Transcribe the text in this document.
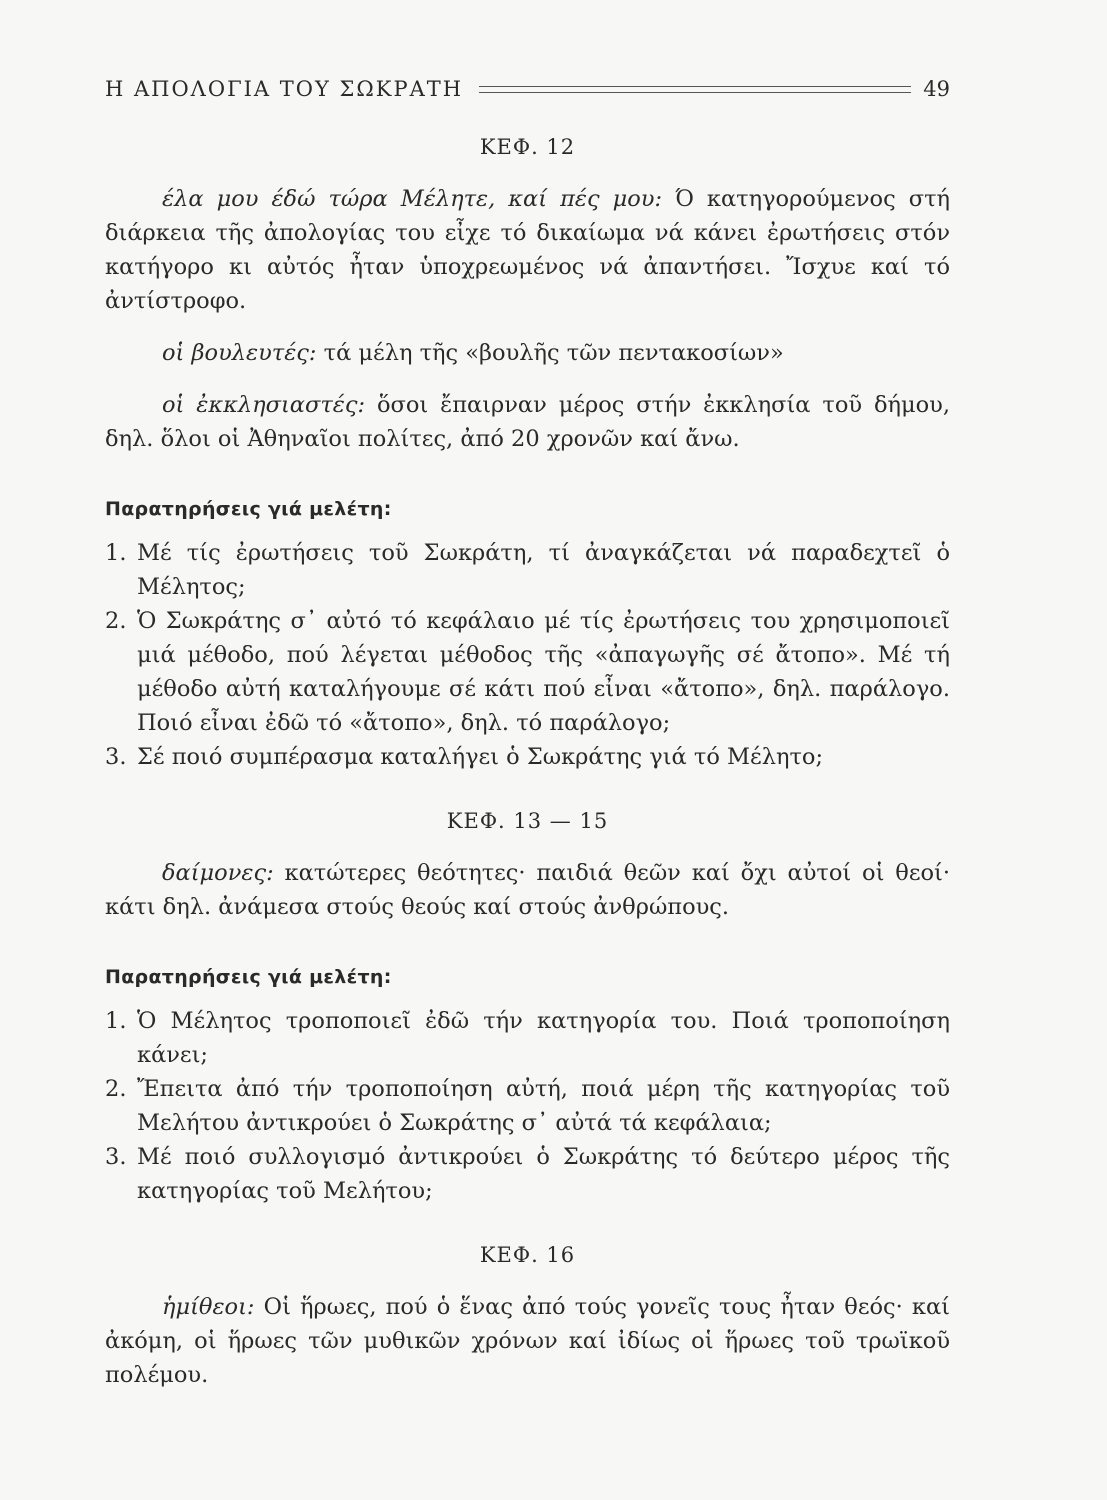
Η ΑΠΟΛΟΓΙΑ ΤΟΥ ΣΩΚΡΑΤΗ	49

ΚΕΦ. 12

έλα μου έδώ τώρα Μέλητε, καί πές μου: Ό κατηγορούμενος στή διάρκεια τῆς ἀπολογίας του εἶχε τό δικαίωμα νά κάνει ἐρωτήσεις στόν κατήγορο κι αὐτός ἦταν ὑποχρεωμένος νά ἀπαντήσει. Ἴσχυε καί τό ἀντίστροφο.

οἱ βουλευτές: τά μέλη τῆς «βουλῆς τῶν πεντακοσίων»

οἱ ἐκκλησιαστές: ὅσοι ἔπαιρναν μέρος στήν ἐκκλησία τοῦ δήμου, δηλ. ὅλοι οἱ Ἀθηναῖοι πολίτες, ἀπό 20 χρονῶν καί ἄνω.

Παρατηρήσεις γιά μελέτη:

1. Μέ τίς ἐρωτήσεις τοῦ Σωκράτη, τί ἀναγκάζεται νά παραδεχτεῖ ὁ Μέλητος;
2. Ὁ Σωκράτης σ᾽ αὐτό τό κεφάλαιο μέ τίς ἐρωτήσεις του χρησιμοποιεῖ μιά μέθοδο, πού λέγεται μέθοδος τῆς «ἀπαγωγῆς σέ ἄτοπο». Μέ τή μέθοδο αὐτή καταλήγουμε σέ κάτι πού εἶναι «ἄτοπο», δηλ. παράλογο. Ποιό εἶναι ἐδῶ τό «ἄτοπο», δηλ. τό παράλογο;
3. Σέ ποιό συμπέρασμα καταλήγει ὁ Σωκράτης γιά τό Μέλητο;

ΚΕΦ. 13 — 15

δαίμονες: κατώτερες θεότητες· παιδιά θεῶν καί ὄχι αὐτοί οἱ θεοί· κάτι δηλ. ἀνάμεσα στούς θεούς καί στούς ἀνθρώπους.

Παρατηρήσεις γιά μελέτη:

1. Ὁ Μέλητος τροποποιεῖ ἐδῶ τήν κατηγορία του. Ποιά τροποποίηση κάνει;
2. Ἔπειτα ἀπό τήν τροποποίηση αὐτή, ποιά μέρη τῆς κατηγορίας τοῦ Μελήτου ἀντικρούει ὁ Σωκράτης σ᾽ αὐτά τά κεφάλαια;
3. Μέ ποιό συλλογισμό ἀντικρούει ὁ Σωκράτης τό δεύτερο μέρος τῆς κατηγορίας τοῦ Μελήτου;

ΚΕΦ. 16

ἡμίθεοι: Οἱ ἥρωες, πού ὁ ἕνας ἀπό τούς γονεῖς τους ἦταν θεός· καί ἀκόμη, οἱ ἥρωες τῶν μυθικῶν χρόνων καί ἰδίως οἱ ἥρωες τοῦ τρωϊκοῦ πολέμου.
